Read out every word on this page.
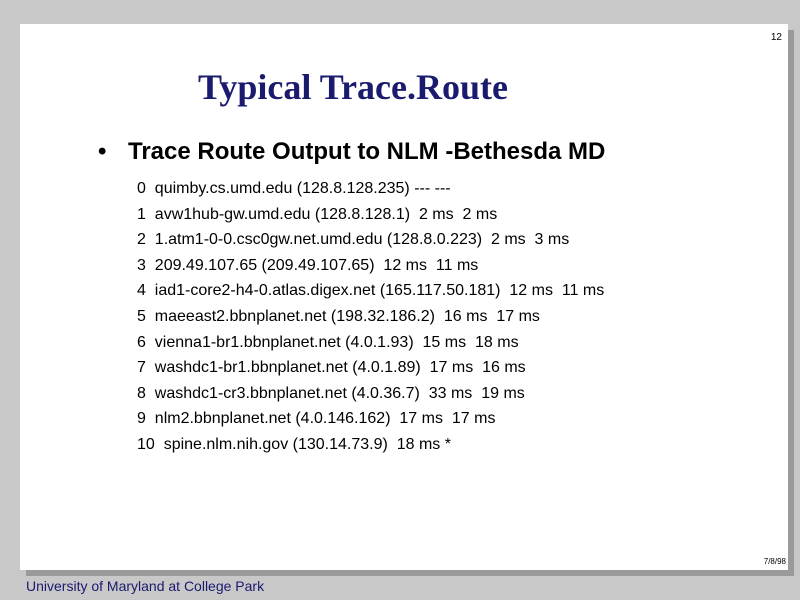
12
Typical Trace.Route
• Trace Route Output to NLM -Bethesda MD
0  quimby.cs.umd.edu (128.8.128.235) --- ---
1  avw1hub-gw.umd.edu (128.8.128.1)  2 ms  2 ms
2  1.atm1-0-0.csc0gw.net.umd.edu (128.8.0.223)  2 ms  3 ms
3  209.49.107.65 (209.49.107.65)  12 ms  11 ms
4  iad1-core2-h4-0.atlas.digex.net (165.117.50.181)  12 ms  11 ms
5  maeeast2.bbnplanet.net (198.32.186.2)  16 ms  17 ms
6  vienna1-br1.bbnplanet.net (4.0.1.93)  15 ms  18 ms
7  washdc1-br1.bbnplanet.net (4.0.1.89)  17 ms  16 ms
8  washdc1-cr3.bbnplanet.net (4.0.36.7)  33 ms  19 ms
9  nlm2.bbnplanet.net (4.0.146.162)  17 ms  17 ms
10  spine.nlm.nih.gov (130.14.73.9)  18 ms *
7/8/98
University of Maryland at College Park
